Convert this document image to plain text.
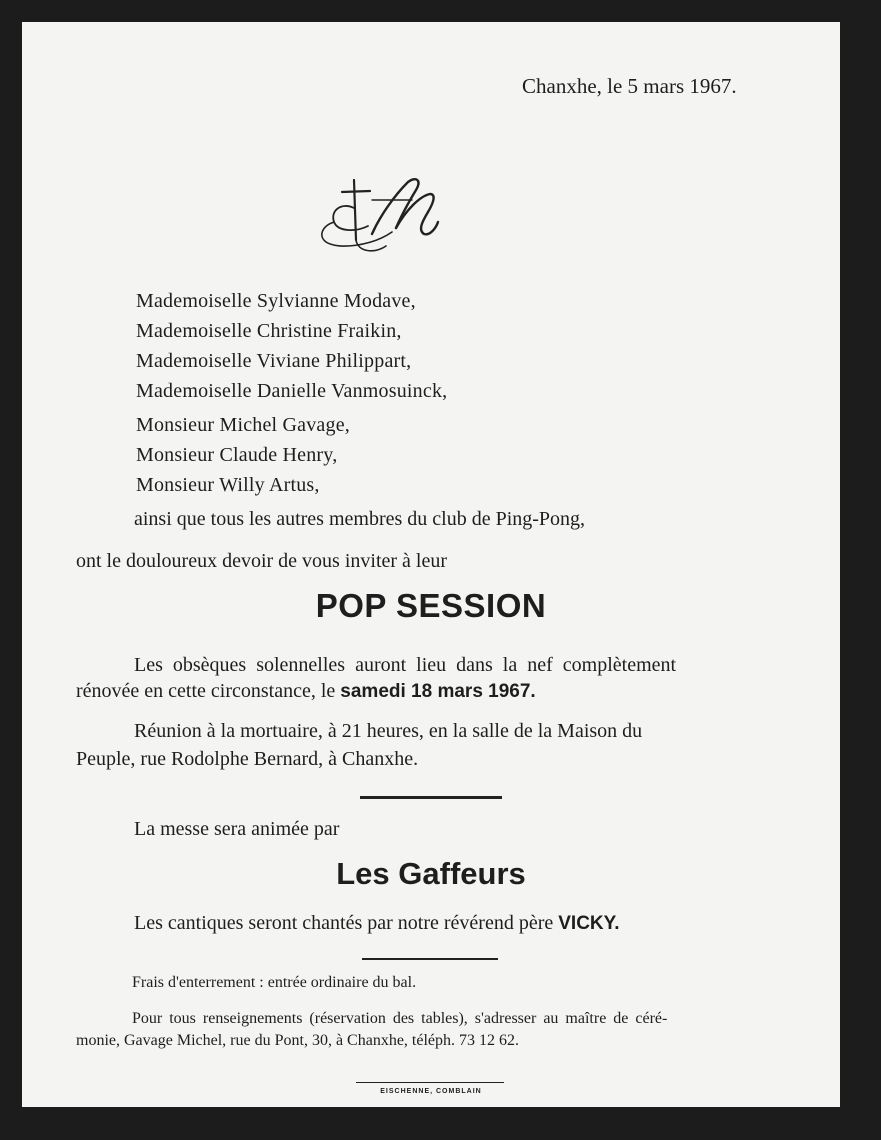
Chanxhe, le 5 mars 1967.
Mademoiselle Sylvianne Modave,
Mademoiselle Christine Fraikin,
Mademoiselle Viviane Philippart,
Mademoiselle Danielle Vanmosuinck,
Monsieur Michel Gavage,
Monsieur Claude Henry,
Monsieur Willy Artus,
ainsi que tous les autres membres du club de Ping-Pong,
ont le douloureux devoir de vous inviter à leur
POP SESSION
Les obsèques solennelles auront lieu dans la nef complètement
rénovée en cette circonstance, le samedi 18 mars 1967.
Réunion à la mortuaire, à 21 heures, en la salle de la Maison du
Peuple, rue Rodolphe Bernard, à Chanxhe.
La messe sera animée par
Les Gaffeurs
Les cantiques seront chantés par notre révérend père VICKY.
Frais d'enterrement : entrée ordinaire du bal.
Pour tous renseignements (réservation des tables), s'adresser au maître de céré-
monie, Gavage Michel, rue du Pont, 30, à Chanxhe, téléph. 73 12 62.
EISCHENNE, COMBLAIN
